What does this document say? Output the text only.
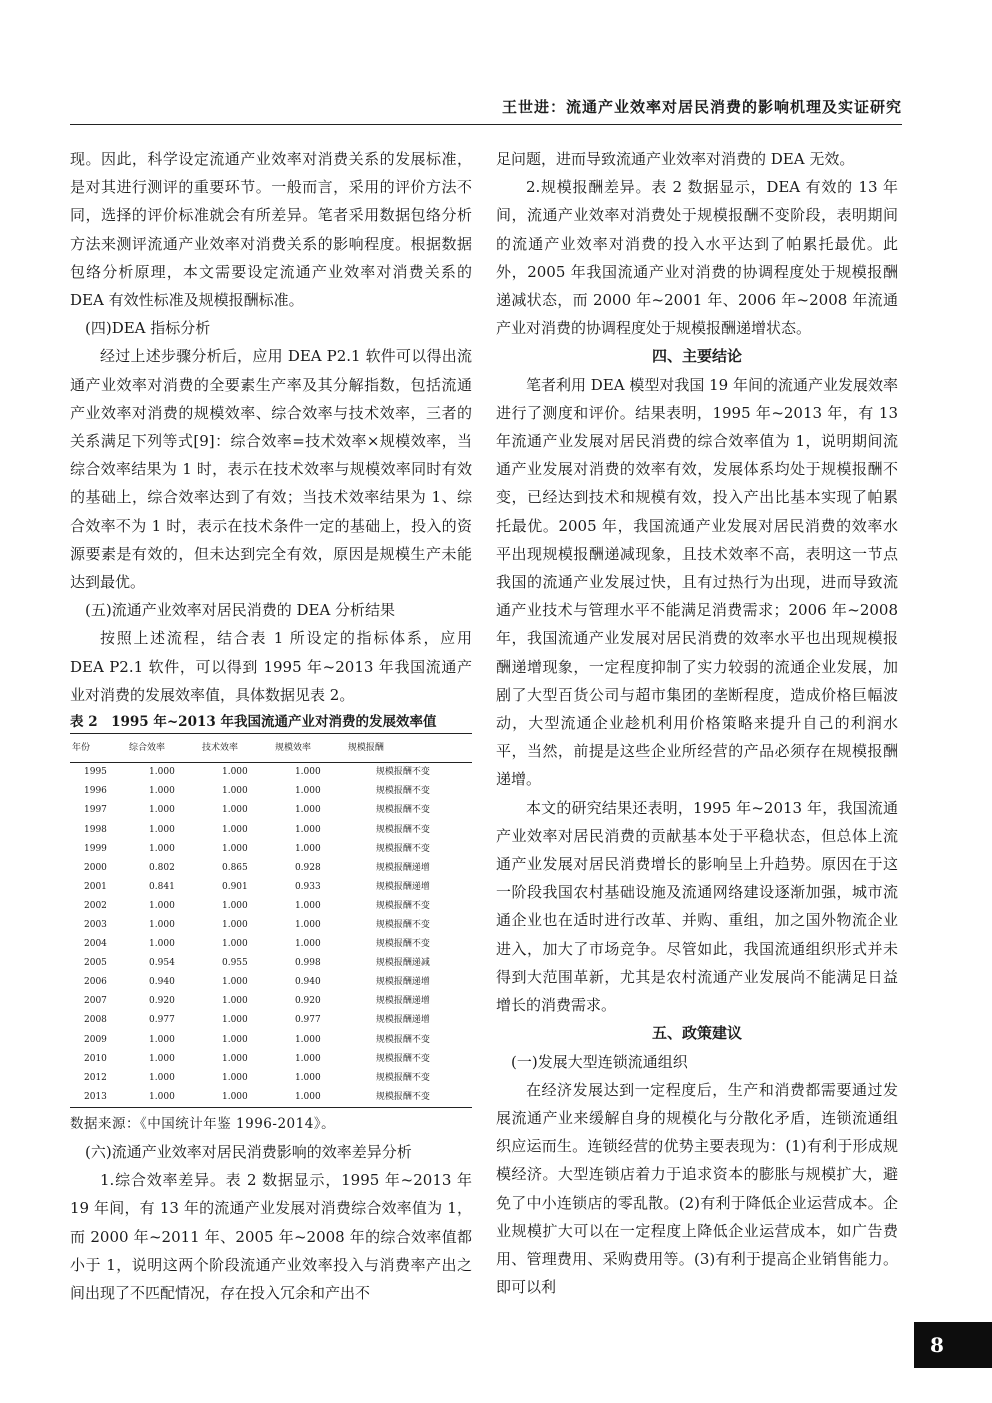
王世进：流通产业效率对居民消费的影响机理及实证研究

现。因此，科学设定流通产业效率对消费关系的发展标准，是对其进行测评的重要环节。一般而言，采用的评价方法不同，选择的评价标准就会有所差异。笔者采用数据包络分析方法来测评流通产业效率对消费关系的影响程度。根据数据包络分析原理，本文需要设定流通产业效率对消费关系的 DEA 有效性标准及规模报酬标准。

(四)DEA 指标分析

经过上述步骤分析后，应用 DEA P2.1 软件可以得出流通产业效率对消费的全要素生产率及其分解指数，包括流通产业效率对消费的规模效率、综合效率与技术效率，三者的关系满足下列等式[9]：综合效率=技术效率×规模效率，当综合效率结果为 1 时，表示在技术效率与规模效率同时有效的基础上，综合效率达到了有效；当技术效率结果为 1、综合效率不为 1 时，表示在技术条件一定的基础上，投入的资源要素是有效的，但未达到完全有效，原因是规模生产未能达到最优。

(五)流通产业效率对居民消费的 DEA 分析结果

按照上述流程，结合表 1 所设定的指标体系，应用 DEA P2.1 软件，可以得到 1995 年~2013 年我国流通产业对消费的发展效率值，具体数据见表 2。

表 2　1995 年~2013 年我国流通产业对消费的发展效率值
年份	综合效率	技术效率	规模效率	规模报酬
1995	1.000	1.000	1.000	规模报酬不变
1996	1.000	1.000	1.000	规模报酬不变
1997	1.000	1.000	1.000	规模报酬不变
1998	1.000	1.000	1.000	规模报酬不变
1999	1.000	1.000	1.000	规模报酬不变
2000	0.802	0.865	0.928	规模报酬递增
2001	0.841	0.901	0.933	规模报酬递增
2002	1.000	1.000	1.000	规模报酬不变
2003	1.000	1.000	1.000	规模报酬不变
2004	1.000	1.000	1.000	规模报酬不变
2005	0.954	0.955	0.998	规模报酬递减
2006	0.940	1.000	0.940	规模报酬递增
2007	0.920	1.000	0.920	规模报酬递增
2008	0.977	1.000	0.977	规模报酬递增
2009	1.000	1.000	1.000	规模报酬不变
2010	1.000	1.000	1.000	规模报酬不变
2012	1.000	1.000	1.000	规模报酬不变
2013	1.000	1.000	1.000	规模报酬不变
数据来源：《中国统计年鉴 1996-2014》。

(六)流通产业效率对居民消费影响的效率差异分析

1.综合效率差异。表 2 数据显示，1995 年~2013 年 19 年间，有 13 年的流通产业发展对消费综合效率值为 1，而 2000 年~2011 年、2005 年~2008 年的综合效率值都小于 1，说明这两个阶段流通产业效率投入与消费率产出之间出现了不匹配情况，存在投入冗余和产出不

足问题，进而导致流通产业效率对消费的 DEA 无效。

2.规模报酬差异。表 2 数据显示，DEA 有效的 13 年间，流通产业效率对消费处于规模报酬不变阶段，表明期间的流通产业效率对消费的投入水平达到了帕累托最优。此外，2005 年我国流通产业对消费的协调程度处于规模报酬递减状态，而 2000 年~2001 年、2006 年~2008 年流通产业对消费的协调程度处于规模报酬递增状态。

四、主要结论

笔者利用 DEA 模型对我国 19 年间的流通产业发展效率进行了测度和评价。结果表明，1995 年~2013 年，有 13 年流通产业发展对居民消费的综合效率值为 1，说明期间流通产业发展对消费的效率有效，发展体系均处于规模报酬不变，已经达到技术和规模有效，投入产出比基本实现了帕累托最优。2005 年，我国流通产业发展对居民消费的效率水平出现规模报酬递减现象，且技术效率不高，表明这一节点我国的流通产业发展过快，且有过热行为出现，进而导致流通产业技术与管理水平不能满足消费需求；2006 年~2008 年，我国流通产业发展对居民消费的效率水平也出现规模报酬递增现象，一定程度抑制了实力较弱的流通企业发展，加剧了大型百货公司与超市集团的垄断程度，造成价格巨幅波动，大型流通企业趁机利用价格策略来提升自己的利润水平，当然，前提是这些企业所经营的产品必须存在规模报酬递增。

本文的研究结果还表明，1995 年~2013 年，我国流通产业效率对居民消费的贡献基本处于平稳状态，但总体上流通产业发展对居民消费增长的影响呈上升趋势。原因在于这一阶段我国农村基础设施及流通网络建设逐渐加强，城市流通企业也在适时进行改革、并购、重组，加之国外物流企业进入，加大了市场竞争。尽管如此，我国流通组织形式并未得到大范围革新，尤其是农村流通产业发展尚不能满足日益增长的消费需求。

五、政策建议

(一)发展大型连锁流通组织

在经济发展达到一定程度后，生产和消费都需要通过发展流通产业来缓解自身的规模化与分散化矛盾，连锁流通组织应运而生。连锁经营的优势主要表现为：(1)有利于形成规模经济。大型连锁店着力于追求资本的膨胀与规模扩大，避免了中小连锁店的零乱散。(2)有利于降低企业运营成本。企业规模扩大可以在一定程度上降低企业运营成本，如广告费用、管理费用、采购费用等。(3)有利于提高企业销售能力。即可以利

8
